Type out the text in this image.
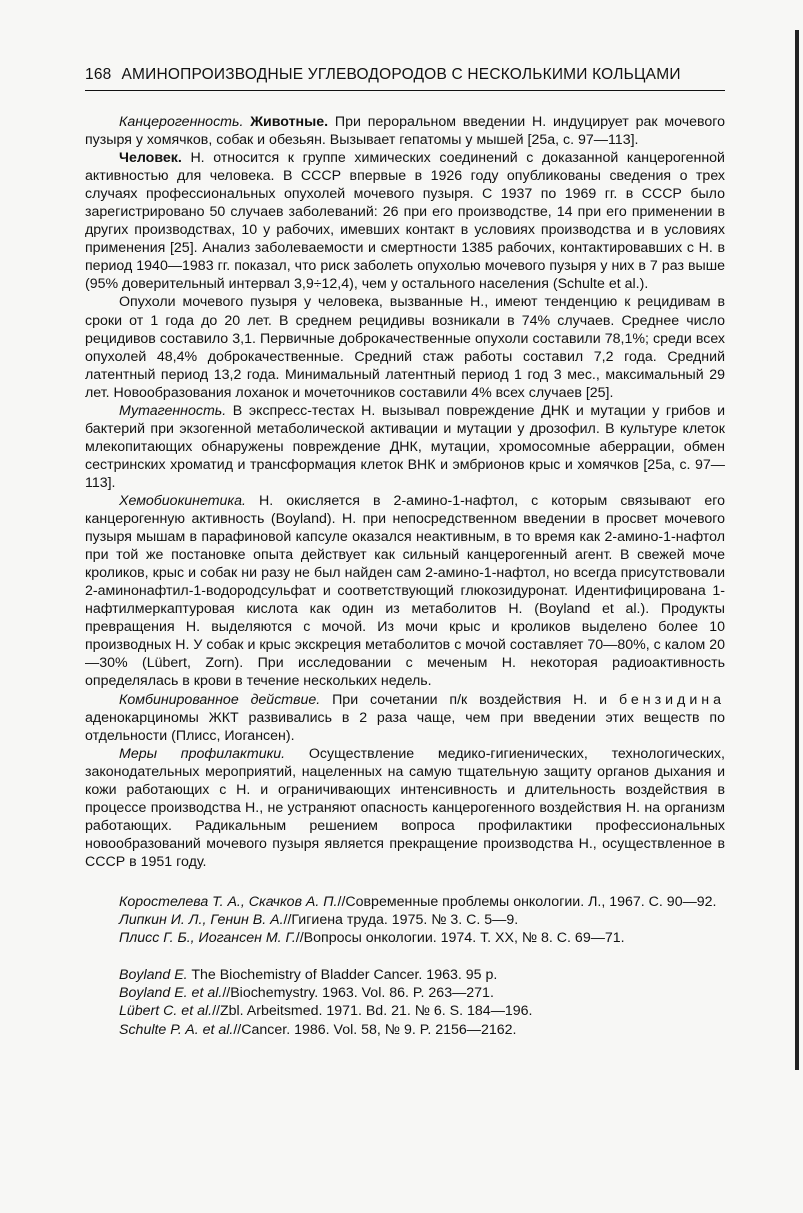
168 АМИНОПРОИЗВОДНЫЕ УГЛЕВОДОРОДОВ С НЕСКОЛЬКИМИ КОЛЬЦАМИ

Канцерогенность. Животные. При пероральном введении Н. индуцирует рак мочевого пузыря у хомячков, собак и обезьян. Вызывает гепатомы у мышей [25а, с. 97—113].

Человек. Н. относится к группе химических соединений с доказанной канцерогенной активностью для человека. В СССР впервые в 1926 году опубликованы сведения о трех случаях профессиональных опухолей мочевого пузыря. С 1937 по 1969 гг. в СССР было зарегистрировано 50 случаев заболеваний: 26 при его производстве, 14 при его применении в других производствах, 10 у рабочих, имевших контакт в условиях производства и в условиях применения [25]. Анализ заболеваемости и смертности 1385 рабочих, контактировавших с Н. в период 1940—1983 гг. показал, что риск заболеть опухолью мочевого пузыря у них в 7 раз выше (95% доверительный интервал 3,9÷12,4), чем у остального населения (Schulte et al.).

Опухоли мочевого пузыря у человека, вызванные Н., имеют тенденцию к рецидивам в сроки от 1 года до 20 лет. В среднем рецидивы возникали в 74% случаев. Среднее число рецидивов составило 3,1. Первичные доброкачественные опухоли составили 78,1%; среди всех опухолей 48,4% доброкачественные. Средний стаж работы составил 7,2 года. Средний латентный период 13,2 года. Минимальный латентный период 1 год 3 мес., максимальный 29 лет. Новообразования лоханок и мочеточников составили 4% всех случаев [25].

Мутагенность. В экспресс-тестах Н. вызывал повреждение ДНК и мутации у грибов и бактерий при экзогенной метаболической активации и мутации у дрозофил. В культуре клеток млекопитающих обнаружены повреждение ДНК, мутации, хромосомные аберрации, обмен сестринских хроматид и трансформация клеток ВНК и эмбрионов крыс и хомячков [25а, с. 97—113].

Хемобиокинетика. Н. окисляется в 2-амино-1-нафтол, с которым связывают его канцерогенную активность (Boyland). Н. при непосредственном введении в просвет мочевого пузыря мышам в парафиновой капсуле оказался неактивным, в то время как 2-амино-1-нафтол при той же постановке опыта действует как сильный канцерогенный агент. В свежей моче кроликов, крыс и собак ни разу не был найден сам 2-амино-1-нафтол, но всегда присутствовали 2-аминонафтил-1-водородсульфат и соответствующий глюкозидуронат. Идентифицирована 1-нафтилмеркаптуровая кислота как один из метаболитов Н. (Boyland et al.). Продукты превращения Н. выделяются с мочой. Из мочи крыс и кроликов выделено более 10 производных Н. У собак и крыс экскреция метаболитов с мочой составляет 70—80%, с калом 20—30% (Lübert, Zorn). При исследовании с меченым Н. некоторая радиоактивность определялась в крови в течение нескольких недель.

Комбинированное действие. При сочетании п/к воздействия Н. и бензидина аденокарциномы ЖКТ развивались в 2 раза чаще, чем при введении этих веществ по отдельности (Плисс, Иогансен).

Меры профилактики. Осуществление медико-гигиенических, технологических, законодательных мероприятий, нацеленных на самую тщательную защиту органов дыхания и кожи работающих с Н. и ограничивающих интенсивность и длительность воздействия в процессе производства Н., не устраняют опасность канцерогенного воздействия Н. на организм работающих. Радикальным решением вопроса профилактики профессиональных новообразований мочевого пузыря является прекращение производства Н., осуществленное в СССР в 1951 году.

Коростелева Т. А., Скачков А. П.//Современные проблемы онкологии. Л., 1967. С. 90—92.

Липкин И. Л., Генин В. А.//Гигиена труда. 1975. № 3. С. 5—9.

Плисс Г. Б., Иогансен М. Г.//Вопросы онкологии. 1974. Т. XX, № 8. С. 69—71.

Boyland E. The Biochemistry of Bladder Cancer. 1963. 95 p.

Boyland E. et al.//Biochemystry. 1963. Vol. 86. P. 263—271.

Lübert C. et al.//Zbl. Arbeitsmed. 1971. Bd. 21. № 6. S. 184—196.

Schulte P. A. et al.//Cancer. 1986. Vol. 58, № 9. P. 2156—2162.
